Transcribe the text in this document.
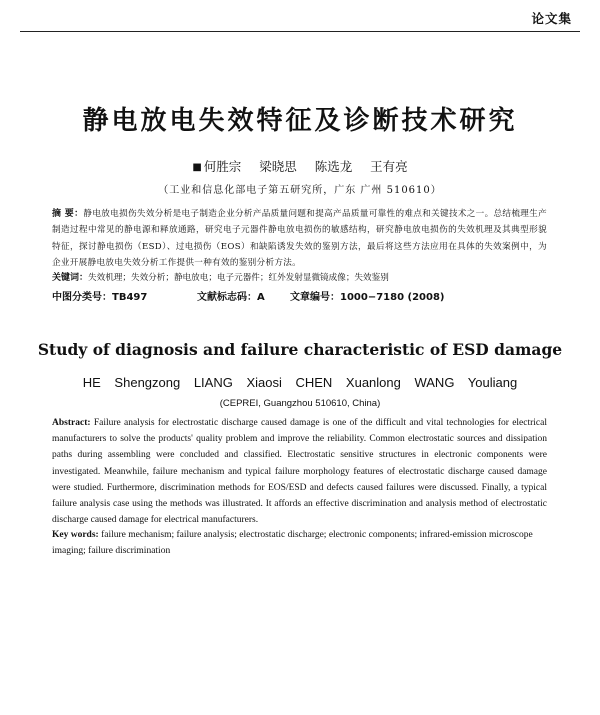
论文集
静电放电失效特征及诊断技术研究
■ 何胜宗 梁晓思 陈选龙 王有亮
（工业和信息化部电子第五研究所，广东 广州 510610）
摘 要：静电放电损伤失效分析是电子制造企业分析产品质量问题和提高产品质量可靠性的难点和关键技术之一。总结梳理生产制造过程中常见的静电源和释放通路，研究电子元器件静电放电损伤的敏感结构，研究静电放电损伤的失效机理及其典型形貌特征，探讨静电损伤（ESD）、过电损伤（EOS）和缺陷诱发失效的鉴别方法，最后将这些方法应用在具体的失效案例中，为企业开展静电放电失效分析工作提供一种有效的鉴别分析方法。
关键词：失效机理；失效分析；静电放电；电子元器件；红外发射显微镜成像；失效鉴别
中图分类号：TB497	文献标志码：A	文章编号：1000−7180 (2008)
Study of diagnosis and failure characteristic of ESD damage
HE Shengzong LIANG Xiaosi CHEN Xuanlong WANG Youliang
(CEPREI, Guangzhou 510610, China)
Abstract: Failure analysis for electrostatic discharge caused damage is one of the difficult and vital technologies for electrical manufacturers to solve the products' quality problem and improve the reliability. Common electrostatic sources and dissipation paths during assembling were concluded and classified. Electrostatic sensitive structures in electronic components were investigated. Meanwhile, failure mechanism and typical failure morphology features of electrostatic discharge caused damage were studied. Furthermore, discrimination methods for EOS/ESD and defects caused failures were discussed. Finally, a typical failure analysis case using the methods was illustrated. It affords an effective discrimination and analysis method of electrostatic discharge caused damage for electrical manufacturers.
Key words: failure mechanism; failure analysis; electrostatic discharge; electronic components; infrared-emission microscope imaging; failure discrimination
